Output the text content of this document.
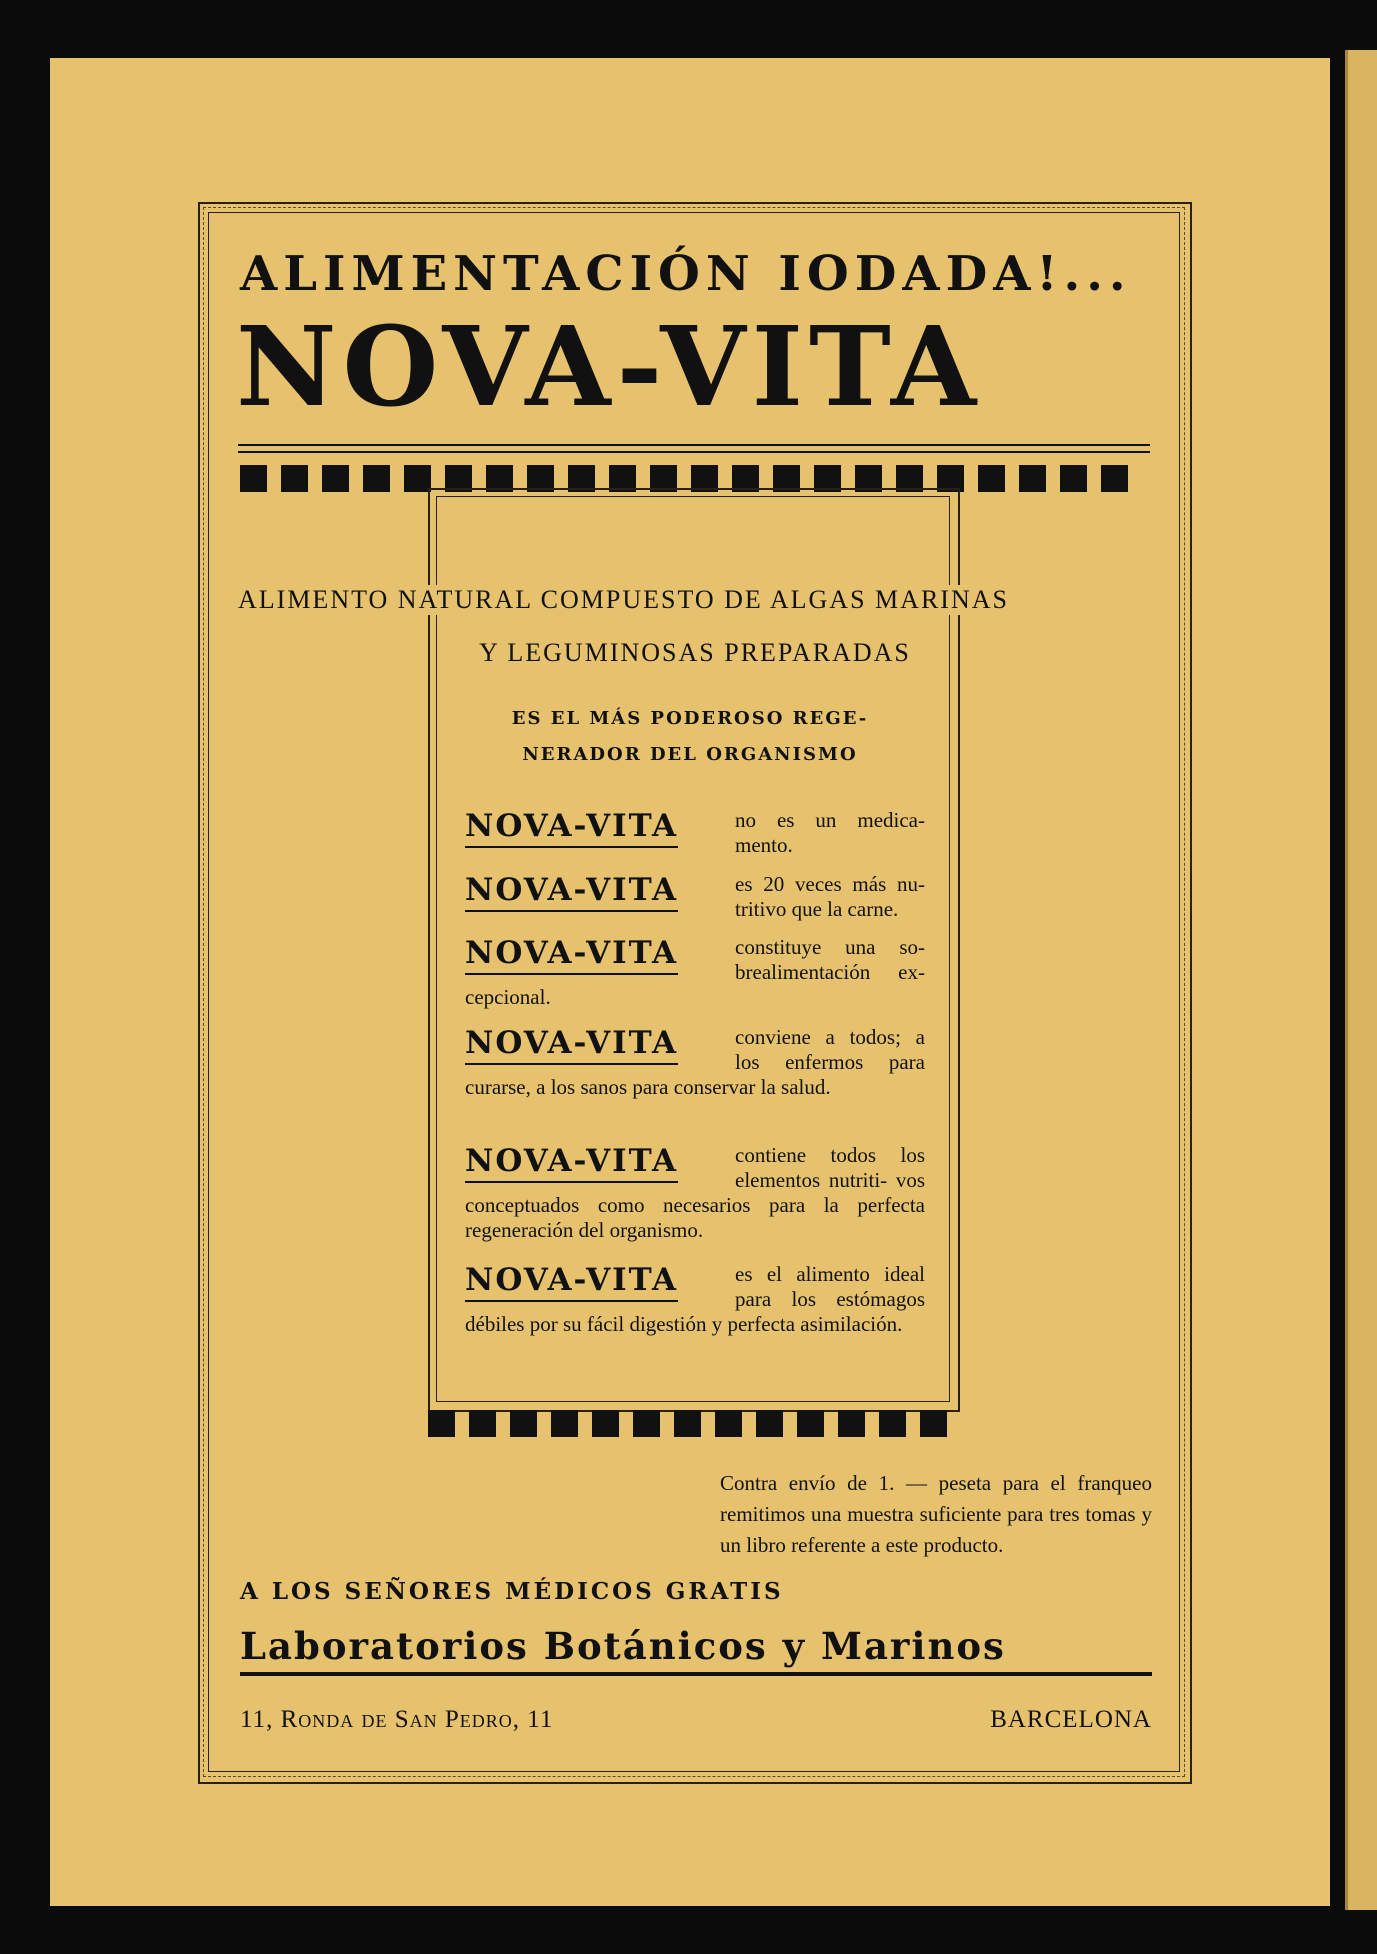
ALIMENTACIÓN IODADA!...
NOVA-VITA
ALIMENTO NATURAL COMPUESTO DE ALGAS MARINAS
Y LEGUMINOSAS PREPARADAS
ES EL MÁS PODEROSO REGE-
NERADOR DEL ORGANISMO
NOVA-VITA	no es un medica- mento.
NOVA-VITA	es 20 veces más nu- tritivo que la carne.
NOVA-VITA	constituye una so- brealimentación ex- cepcional.
NOVA-VITA	conviene a todos; a los enfermos para curarse, a los sanos para conservar la salud.
NOVA-VITA	contiene todos los elementos nutriti- vos conceptuados como necesarios para la perfecta regeneración del organismo.
NOVA-VITA	es el alimento ideal para los estómagos débiles por su fácil digestión y perfecta asimilación.
Contra envío de 1. — peseta para el franqueo remitimos una muestra suficiente para tres tomas y un libro referente a este producto.
A LOS SEÑORES MÉDICOS GRATIS
Laboratorios Botánicos y Marinos
11, Ronda de San Pedro, 11	BARCELONA
